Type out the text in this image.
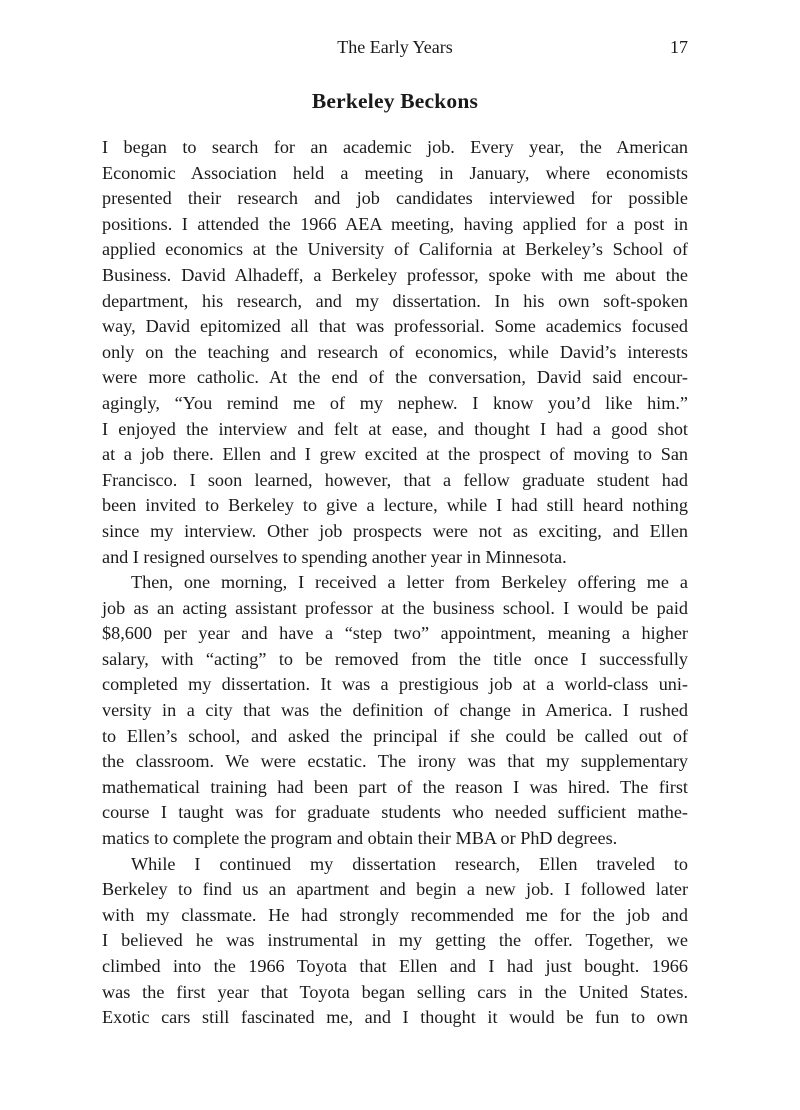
The Early Years	17
Berkeley Beckons
I began to search for an academic job. Every year, the American
Economic Association held a meeting in January, where economists
presented their research and job candidates interviewed for possible
positions. I attended the 1966 AEA meeting, having applied for a post in
applied economics at the University of California at Berkeley’s School of
Business. David Alhadeff, a Berkeley professor, spoke with me about the
department, his research, and my dissertation. In his own soft-spoken
way, David epitomized all that was professorial. Some academics focused
only on the teaching and research of economics, while David’s interests
were more catholic. At the end of the conversation, David said encour-
agingly, “You remind me of my nephew. I know you’d like him.”
I enjoyed the interview and felt at ease, and thought I had a good shot
at a job there. Ellen and I grew excited at the prospect of moving to San
Francisco. I soon learned, however, that a fellow graduate student had
been invited to Berkeley to give a lecture, while I had still heard nothing
since my interview. Other job prospects were not as exciting, and Ellen
and I resigned ourselves to spending another year in Minnesota.
Then, one morning, I received a letter from Berkeley offering me a
job as an acting assistant professor at the business school. I would be paid
$8,600 per year and have a “step two” appointment, meaning a higher
salary, with “acting” to be removed from the title once I successfully
completed my dissertation. It was a prestigious job at a world-class uni-
versity in a city that was the definition of change in America. I rushed
to Ellen’s school, and asked the principal if she could be called out of
the classroom. We were ecstatic. The irony was that my supplementary
mathematical training had been part of the reason I was hired. The first
course I taught was for graduate students who needed sufficient mathe-
matics to complete the program and obtain their MBA or PhD degrees.
While I continued my dissertation research, Ellen traveled to
Berkeley to find us an apartment and begin a new job. I followed later
with my classmate. He had strongly recommended me for the job and
I believed he was instrumental in my getting the offer. Together, we
climbed into the 1966 Toyota that Ellen and I had just bought. 1966
was the first year that Toyota began selling cars in the United States.
Exotic cars still fascinated me, and I thought it would be fun to own
